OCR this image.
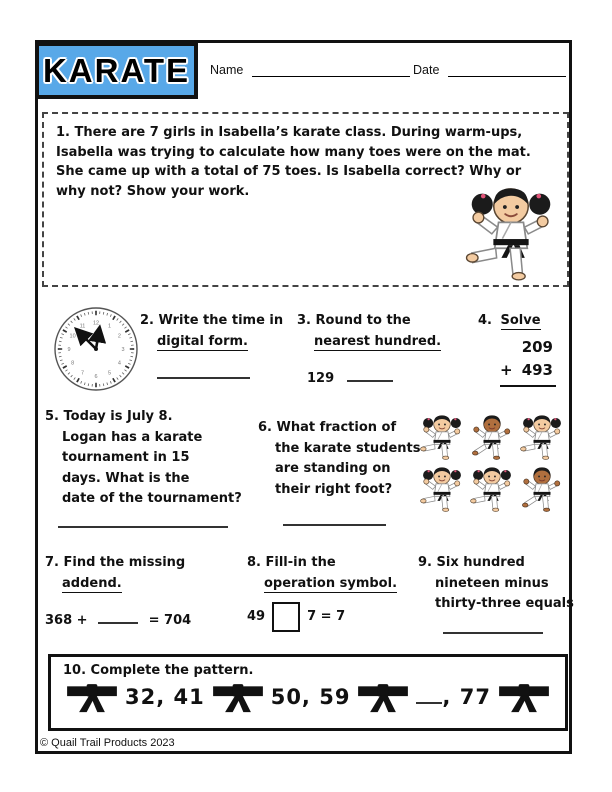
KARATE Name	Date
1. There are 7 girls in Isabella’s karate class. During warm-ups, Isabella was trying to calculate how many toes were on the mat. She came up with a total of 75 toes. Is Isabella correct? Why or why not? Show your work.
12 1
2
3
4
5
6
7
8
9
10
11	2. Write the time in
digital form.
3. Round to the
nearest hundred.
129
4. Solve
209
+ 493
5. Today is July 8.
Logan has a karate
tournament in 15
days. What is the
date of the tournament?
6. What fraction of
the karate students
are standing on
their right foot?
7. Find the missing
addend.
368 +	= 704
8. Fill-in the
operation symbol.
49	7 = 7
9. Six hundred
nineteen minus
thirty-three equals
10. Complete the pattern.
32, 41	50, 59	, 77
© Quail Trail Products 2023
